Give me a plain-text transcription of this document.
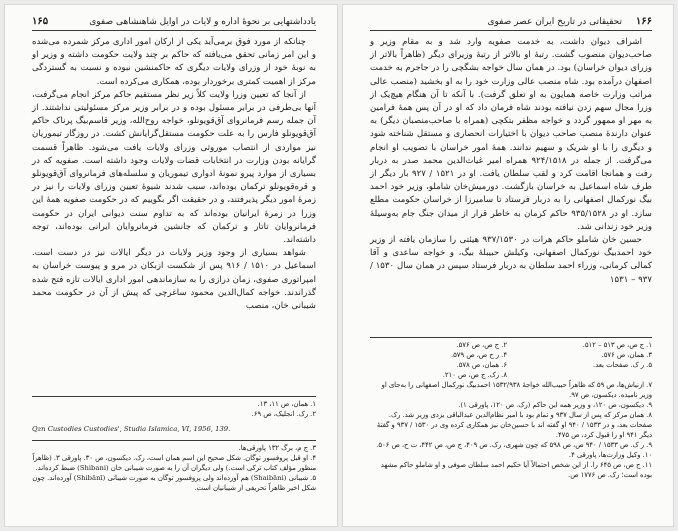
۱۶۵	یادداشتهایی بر نحوهٔ اداره و لایات در اوایل شاهنشاهی صفوی

چنانکه از مورد فوق برمی‌آید یکی از ارکان امور اداری مرکز شمرده می‌شده و این امر زمانی تحقق می‌یافته که حاکم بر چند ولایت حکومت داشته و وزیر او به نوبهٔ خود از وزرای ولایات دیگری که حاکمنشین نبوده و نسبت به گستردگی مرکز از اهمیت کمتری برخوردار بوده، همکاری می‌کرده است.

از آنجا که تعیین وزرا ولایت کلاً زیر نظر مستقیم حاکم مرکز انجام می‌گرفت، آنها بی‌طرفی در برابر مسئول بوده و در برابر وزیر مرکز مسئولیتی نداشتند. از آن جمله رسم فرمانروای آق‌قویونلو، خواجه روح‌الله، وزیر قاسم‌بیگ پرناک حاکم آق‌قویونلو فارس را به علت حکومت مستقل‌گرایانش کشت. در روزگار تیموریان نیز مواردی از انتصاب موروثی وزرای ولایات یافت می‌شود. ظاهراً قسمت گرایانه بودن وزارت در انتخابات قضات ولایات وجود داشته است. صفویه که در بسیاری از موارد پیرو نمونهٔ ادواری تیموریان و سلسله‌های فرمانروای آق‌قویونلو و قره‌قویونلو ترکمان بوده‌اند، سبب شدند شیوهٔ تعیین وزرای ولایات را نیز در زمرهٔ امور دیگر پذیرفتند، و در حقیقت اگر بگوییم که در حکومت صفویه همهٔ این وزرا در زمرهٔ ایرانیان بوده‌اند که به تداوم سنت دیوانی ایران در حکومت فرمانروایان تاتار و ترکمان که جانشین فرمانروایان ایرانی بوده‌اند، توجه داشته‌اند.

شواهد بسیاری از وجود وزیر ولایات در دیگر ایالات نیز در دست است. اسماعیل در ۱۵۱۰ / ۹۱۶ پس از شکست ازبکان در مرو و پیوست خراسان به امپراتوری صفوی، زمان درازی را به سازماندهی امور اداری ایالات تازه فتح شده گذراندند. خواجه کمال‌الدین محمود ساغرچی که پیش از آن در حکومت محمد شیبانی خان، منصب

۱. همان، ص ۱۱، ۱۳.
۲. رک. انجلیک، ص ۶۹.
Qzn Custodies Custodies', Studia Islamica, VI, 1956, 139.
۳. ج م، برگ ۱۳۲ پاورقی‌ها.
۴. او قبل پروفسور توگان. شکل صحیح این اسم همان است، رک. دیکسون، ص ۳۰. پاورقی ۳. (ظاهراً منظور مؤلف کتاب ترکی است.) ولی دیگران آن را به صورت شیبانی خان (Shibani) ضبط کرده‌اند.
۵. شیبانی (Shaibāni) هم آورده‌اند ولی پروفسور توگان به صورت شیبانی (Shibānī) آورده‌اند. چون شکل اخیر ظاهراً تحریفی از شیبانیان است.
۱۶۶
تحقیقاتی در تاریخ ایران عصر صفوی

اشراف دیوان داشت، به خدمت صفویه وارد شد و به مقام وزیر و صاحب‌دیوان منصوب گشت. رتبهٔ او بالاتر از رتبهٔ وزیرای دیگر (ظاهراً بالاتر از وزرای دیوان خراسان) بود. در همان سال خواجه بشگچی را در جاجرم به خدمت اصفهان درآمده بود. شاه منصب عالی وزارت خود را به او بخشید (منصب عالی مراتب وزارت خاصه همایون به او تعلق گرفت). با آنکه تا آن هنگام هیچ‌یک از وزرا مجال سهم زدن نیافته بودند شاه فرمان داد که او در آن پس همهٔ فرامین به مهر او ممهور گردد و خواجه مظفر بتکچی (همراه با صاحب‌منصبان دیگر) به عنوان دارندهٔ منصب صاحب دیوان با اختیارات انحصاری و مستقل شناخته شود و دیگری را با او شریک و سهیم ندانند. همهٔ امور خراسان با تصویب او انجام می‌گرفت. از جمله در ۹۲۴/۱۵۱۸ همراه امیر غیاث‌الدین محمد صدر به دربار رفت و همانجا اقامت کرد و لقب سلطان یافت. او در ۱۵۲۱ / ۹۲۷ بار دیگر از طرف شاه اسماعیل به خراسان بازگشت. دورمیش‌خان شاملو، وزیر خود احمد بیگ نورکمال اصفهانی را به دربار فرستاد تا سامیرزا از خراسان حکومت مطلع سازد. او در ۹۳۵/۱۵۲۸ حاکم کرمان به خاطر قرار از میدان جنگ جام به‌وسیلهٔ وزیر خود زندانی شد.

حسین خان شاملو حاکم هرات در ۹۳۷/۱۵۳۰ هیئتی را سازمان یافته از وزیر خود احمدبیگ نورکمال اصفهانی، وکیلش حبیبلهٔ بیگ، و خواجه ساعدی و آقا کمالی کرمانی، وزراء احمد سلطان به دربار فرستاد سپس در همان سال ۱۵۳۰ / ۹۳۷ – ۱۵۳۱

۱. ج ص، ص ۵۱۳ – ۵۱۲.
۳. همان، ص ۵۷۶.
۵. ر ک. صفحات بعد.
۲. ج ص، ص ۵۷۶.
۴. ر ح ص، ص ۵۷۹.
۶. همان، ص ۵۷۸.
۸. رک. ج ص، ص ۲۱۰.
۷. ازنیاش‌ها، ص ۵۹ که ظاهراً حبیب‌الله خواجهٔ ۱۵۳۲/۹۳۸ احمدبیگ نورکمال اصفهانی را به‌جای او وزیر نامیده. دیکسون، ص ۹۷.
۹. دیکسون، ص ۱۲۰، و وزیر همه این حاکم (رک. ص ۱۲۰، پاورقی ۱).
۸. همان مرکز که پس از سال ۹۳۷ و تمام بود با امیر نظام‌الدین عبدالباقی یزدی وزیر شد. رک. صفحات بعد، و در ۱۵۳۳ / ۹۴۰ او گفته اند با حسین‌خان نیز همکاری کرده وی در ۱۵۳۰ / ۹۳۷ و گفتهٔ دیگر ۹۴۱ او را قبول کرد، ص ۴۷۵.
۹. ر ک. ص ۱۵۳۳ / ۹۴۰ ص، ص ۵۹۸ که چون شهری، رک. ص ۴۰۹، ج ص، ص ۴۴۲، ت ح، ص ۵۰۶.
۱۰. وکیل وزارت‌ها، پاورقی ۴.
۱۱. ج ص، ص ۶۴۵ را. از این شخص احتمالاً آیا حکیم احمد سلطان صوفی و او شاملو حاکم مشهد بوده است؛ رک. ص ۱۷۷۶ ص.
